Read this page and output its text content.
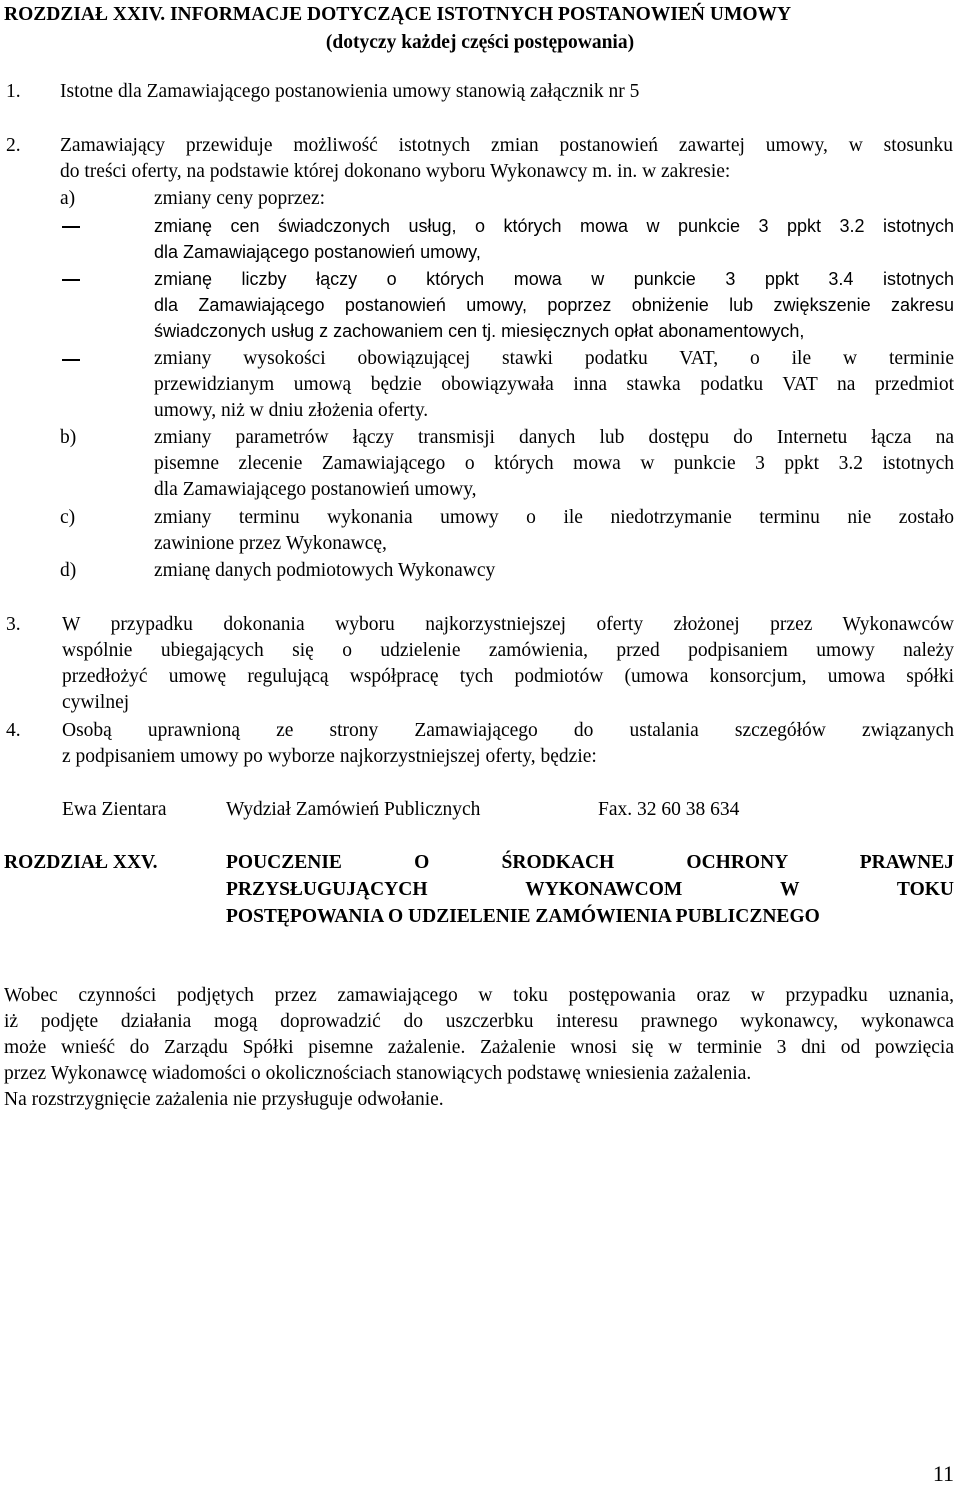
ROZDZIAŁ XXIV. INFORMACJE DOTYCZĄCE ISTOTNYCH POSTANOWIEŃ UMOWY
(dotyczy każdej części postępowania)
1. Istotne dla Zamawiającego postanowienia umowy stanowią załącznik nr 5
2. Zamawiający przewiduje możliwość istotnych zmian postanowień zawartej umowy, w stosunku
do treści oferty, na podstawie której dokonano wyboru Wykonawcy m. in. w zakresie:
a)	zmiany ceny poprzez:
zmianę cen świadczonych usług, o których mowa w punkcie 3 ppkt 3.2 istotnych
dla Zamawiającego postanowień umowy,
zmianę liczby łączy o których mowa w punkcie 3 ppkt 3.4 istotnych
dla Zamawiającego postanowień umowy, poprzez obniżenie lub zwiększenie zakresu
świadczonych usług z zachowaniem cen tj. miesięcznych opłat abonamentowych,
zmiany wysokości obowiązującej stawki podatku VAT, o ile w terminie
przewidzianym umową będzie obowiązywała inna stawka podatku VAT na przedmiot
umowy, niż w dniu złożenia oferty.
b)	zmiany parametrów łączy transmisji danych lub dostępu do Internetu łącza na
pisemne zlecenie Zamawiającego o których mowa w punkcie 3 ppkt 3.2 istotnych
dla Zamawiającego postanowień umowy,
c)	zmiany terminu wykonania umowy o ile niedotrzymanie terminu nie zostało
zawinione przez Wykonawcę,
d)	zmianę danych podmiotowych Wykonawcy
3. W przypadku dokonania wyboru najkorzystniejszej oferty złożonej przez Wykonawców
wspólnie ubiegających się o udzielenie zamówienia, przed podpisaniem umowy należy
przedłożyć umowę regulującą współpracę tych podmiotów (umowa konsorcjum, umowa spółki
cywilnej
4. Osobą uprawnioną ze strony Zamawiającego do ustalania szczegółów związanych
z podpisaniem umowy po wyborze najkorzystniejszej oferty, będzie:
Ewa Zientara	Wydział Zamówień Publicznych	Fax. 32 60 38 634
ROZDZIAŁ XXV.	POUCZENIE O ŚRODKACH OCHRONY PRAWNEJ
PRZYSŁUGUJĄCYCH WYKONAWCOM W TOKU
POSTĘPOWANIA O UDZIELENIE ZAMÓWIENIA PUBLICZNEGO
Wobec czynności podjętych przez zamawiającego w toku postępowania oraz w przypadku uznania,
iż podjęte działania mogą doprowadzić do uszczerbku interesu prawnego wykonawcy, wykonawca
może wnieść do Zarządu Spółki pisemne zażalenie. Zażalenie wnosi się w terminie 3 dni od powzięcia
przez Wykonawcę wiadomości o okolicznościach stanowiących podstawę wniesienia zażalenia.
Na rozstrzygnięcie zażalenia nie przysługuje odwołanie.
11
